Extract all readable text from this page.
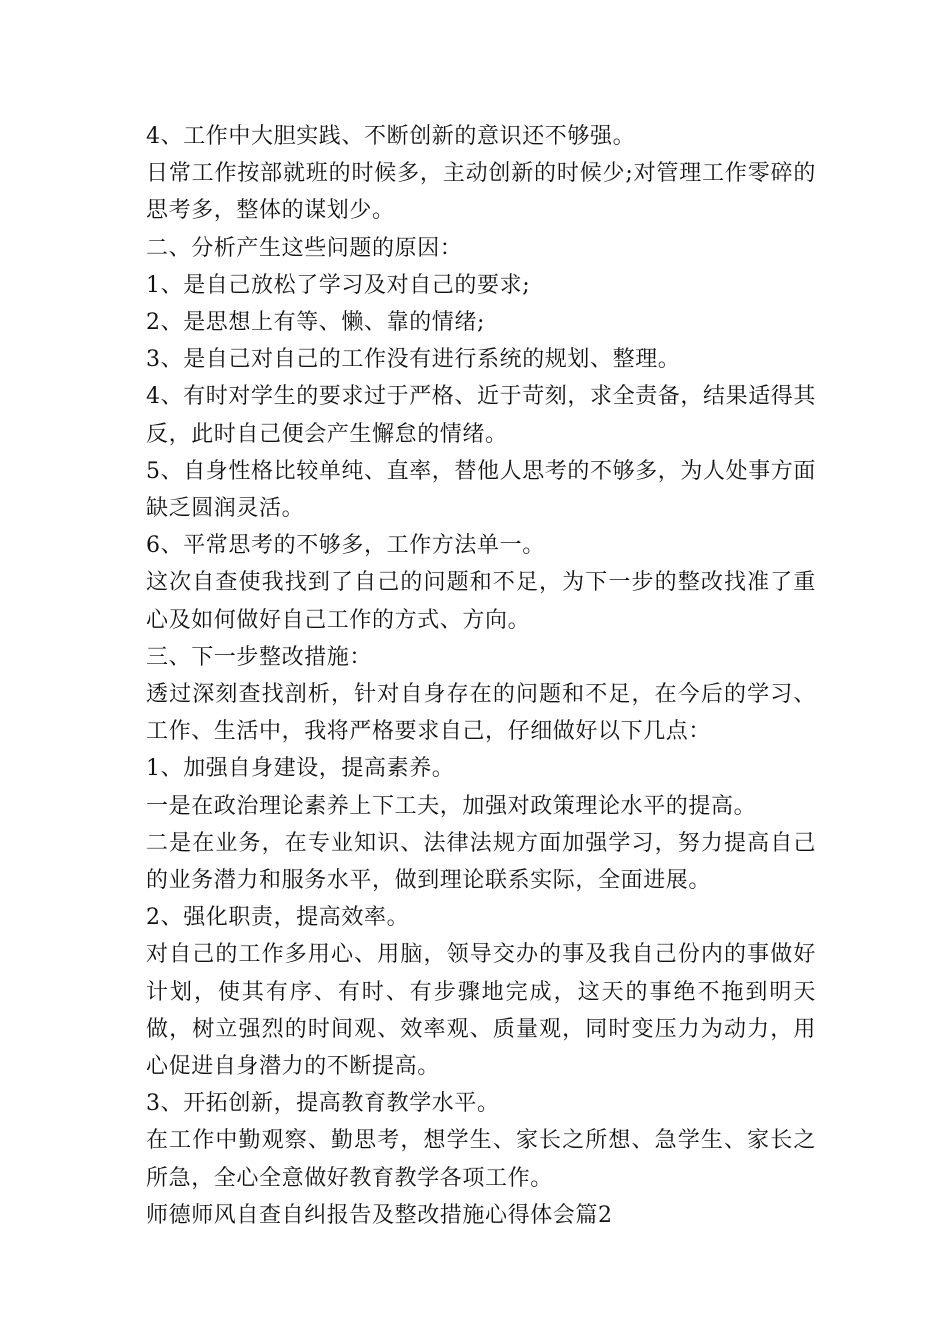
4、工作中大胆实践、不断创新的意识还不够强。

日常工作按部就班的时候多，主动创新的时候少;对管理工作零碎的思考多，整体的谋划少。

二、分析产生这些问题的原因：

1、是自己放松了学习及对自己的要求;

2、是思想上有等、懒、靠的情绪;

3、是自己对自己的工作没有进行系统的规划、整理。

4、有时对学生的要求过于严格、近于苛刻，求全责备，结果适得其反，此时自己便会产生懈怠的情绪。

5、自身性格比较单纯、直率，替他人思考的不够多，为人处事方面缺乏圆润灵活。

6、平常思考的不够多，工作方法单一。

这次自查使我找到了自己的问题和不足，为下一步的整改找准了重心及如何做好自己工作的方式、方向。

三、下一步整改措施：

透过深刻查找剖析，针对自身存在的问题和不足，在今后的学习、工作、生活中，我将严格要求自己，仔细做好以下几点：

1、加强自身建设，提高素养。

一是在政治理论素养上下工夫，加强对政策理论水平的提高。

二是在业务，在专业知识、法律法规方面加强学习，努力提高自己的业务潜力和服务水平，做到理论联系实际，全面进展。

2、强化职责，提高效率。

对自己的工作多用心、用脑，领导交办的事及我自己份内的事做好计划，使其有序、有时、有步骤地完成，这天的事绝不拖到明天做，树立强烈的时间观、效率观、质量观，同时变压力为动力，用心促进自身潜力的不断提高。

3、开拓创新，提高教育教学水平。

在工作中勤观察、勤思考，想学生、家长之所想、急学生、家长之所急，全心全意做好教育教学各项工作。

师德师风自查自纠报告及整改措施心得体会篇2
